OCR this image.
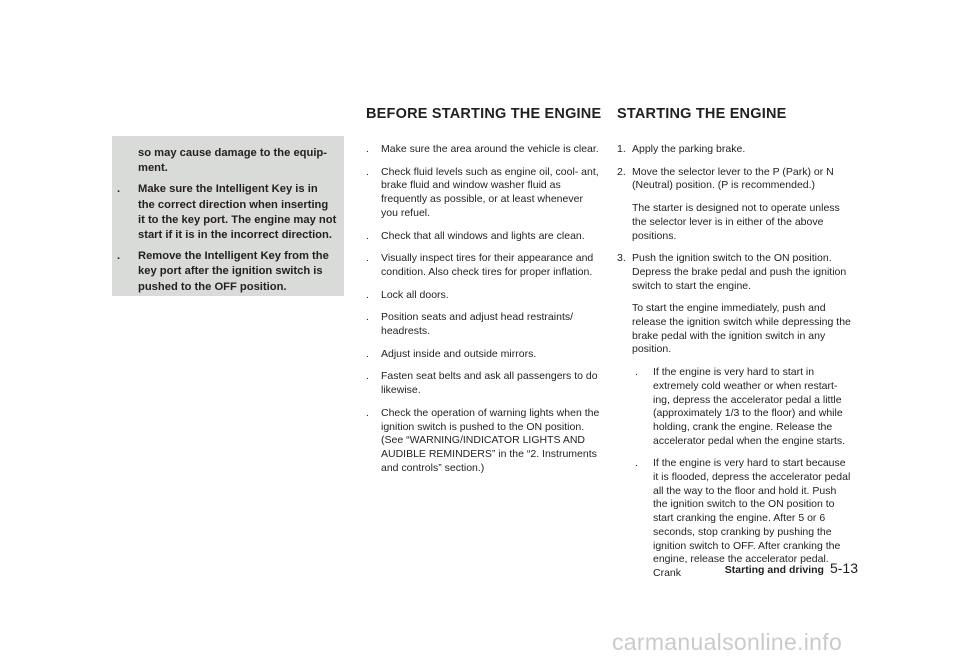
so may cause damage to the equip- ment.
. Make sure the Intelligent Key is in the correct direction when inserting it to the key port. The engine may not start if it is in the incorrect direction.
. Remove the Intelligent Key from the key port after the ignition switch is pushed to the OFF position.
BEFORE STARTING THE ENGINE STARTING THE ENGINE
. Make sure the area around the vehicle is clear.
. Check fluid levels such as engine oil, cool- ant, brake fluid and window washer fluid as frequently as possible, or at least whenever you refuel.
. Check that all windows and lights are clean.
. Visually inspect tires for their appearance and condition. Also check tires for proper inflation.
. Lock all doors.
. Position seats and adjust head restraints/ headrests.
. Adjust inside and outside mirrors.
. Fasten seat belts and ask all passengers to do likewise.
. Check the operation of warning lights when the ignition switch is pushed to the ON position. (See “WARNING/INDICATOR LIGHTS AND AUDIBLE REMINDERS” in the “2. Instruments and controls” section.)
1. Apply the parking brake.
2. Move the selector lever to the P (Park) or N (Neutral) position. (P is recommended.)
The starter is designed not to operate unless the selector lever is in either of the above positions.
3. Push the ignition switch to the ON position. Depress the brake pedal and push the ignition switch to start the engine.
To start the engine immediately, push and release the ignition switch while depressing the brake pedal with the ignition switch in any position.
. If the engine is very hard to start in extremely cold weather or when restart- ing, depress the accelerator pedal a little (approximately 1/3 to the floor) and while holding, crank the engine. Release the accelerator pedal when the engine starts.
. If the engine is very hard to start because it is flooded, depress the accelerator pedal all the way to the floor and hold it. Push the ignition switch to the ON position to start cranking the engine. After 5 or 6 seconds, stop cranking by pushing the ignition switch to OFF. After cranking the engine, release the accelerator pedal. Crank	Starting and driving 5-13
carmanualsonline.info
